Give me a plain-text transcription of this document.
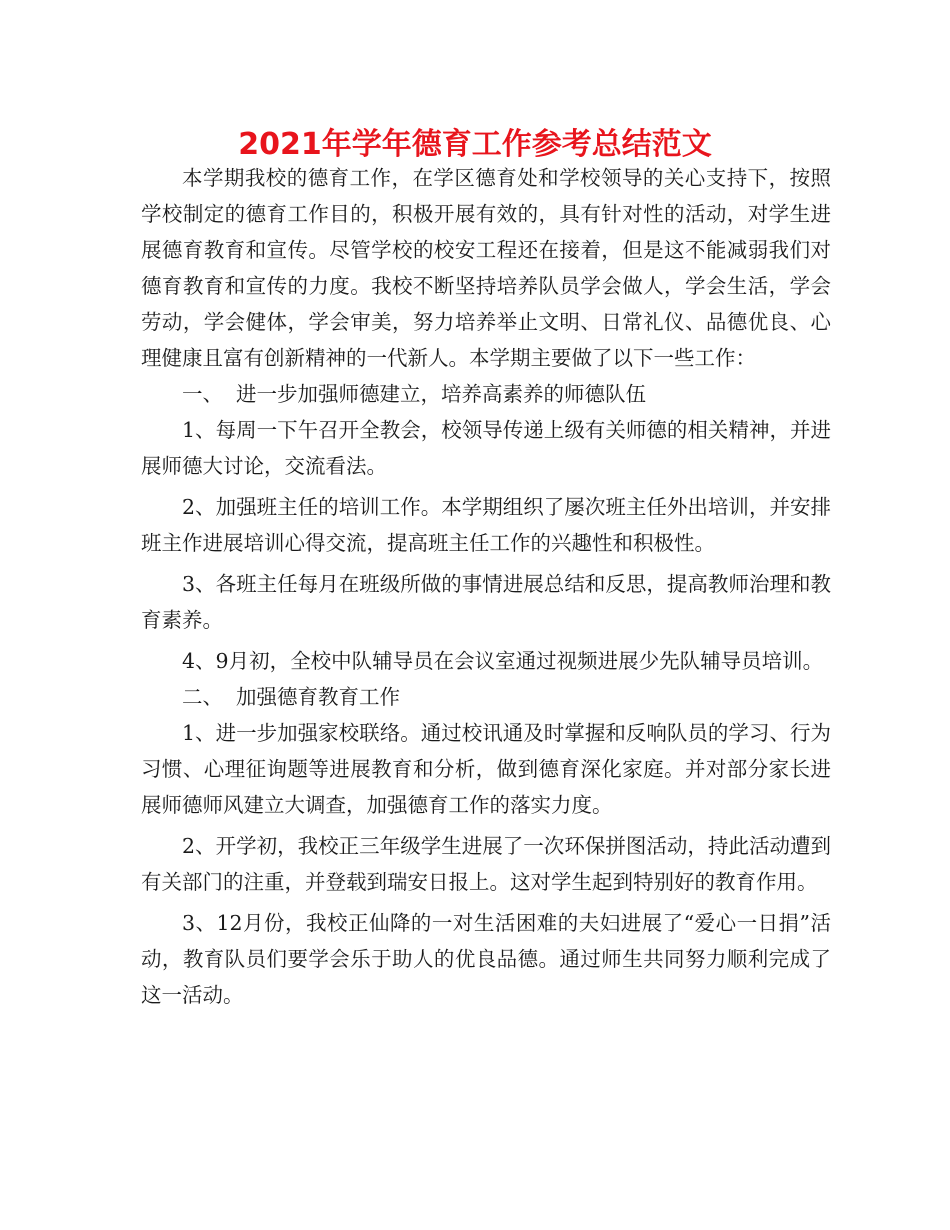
2021年学年德育工作参考总结范文

本学期我校的德育工作，在学区德育处和学校领导的关心支持下，按照学校制定的德育工作目的，积极开展有效的，具有针对性的活动，对学生进展德育教育和宣传。尽管学校的校安工程还在接着，但是这不能减弱我们对德育教育和宣传的力度。我校不断坚持培养队员学会做人，学会生活，学会劳动，学会健体，学会审美，努力培养举止文明、日常礼仪、品德优良、心理健康且富有创新精神的一代新人。本学期主要做了以下一些工作：

一、  进一步加强师德建立，培养高素养的师德队伍

1、每周一下午召开全教会，校领导传递上级有关师德的相关精神，并进展师德大讨论，交流看法。

2、加强班主任的培训工作。本学期组织了屡次班主任外出培训，并安排班主作进展培训心得交流，提高班主任工作的兴趣性和积极性。

3、各班主任每月在班级所做的事情进展总结和反思，提高教师治理和教育素养。

4、9月初，全校中队辅导员在会议室通过视频进展少先队辅导员培训。

二、  加强德育教育工作

1、进一步加强家校联络。通过校讯通及时掌握和反响队员的学习、行为习惯、心理征询题等进展教育和分析，做到德育深化家庭。并对部分家长进展师德师风建立大调查，加强德育工作的落实力度。

2、开学初，我校正三年级学生进展了一次环保拼图活动，持此活动遭到有关部门的注重，并登载到瑞安日报上。这对学生起到特别好的教育作用。

3、12月份，我校正仙降的一对生活困难的夫妇进展了“爱心一日捐”活动，教育队员们要学会乐于助人的优良品德。通过师生共同努力顺利完成了这一活动。
